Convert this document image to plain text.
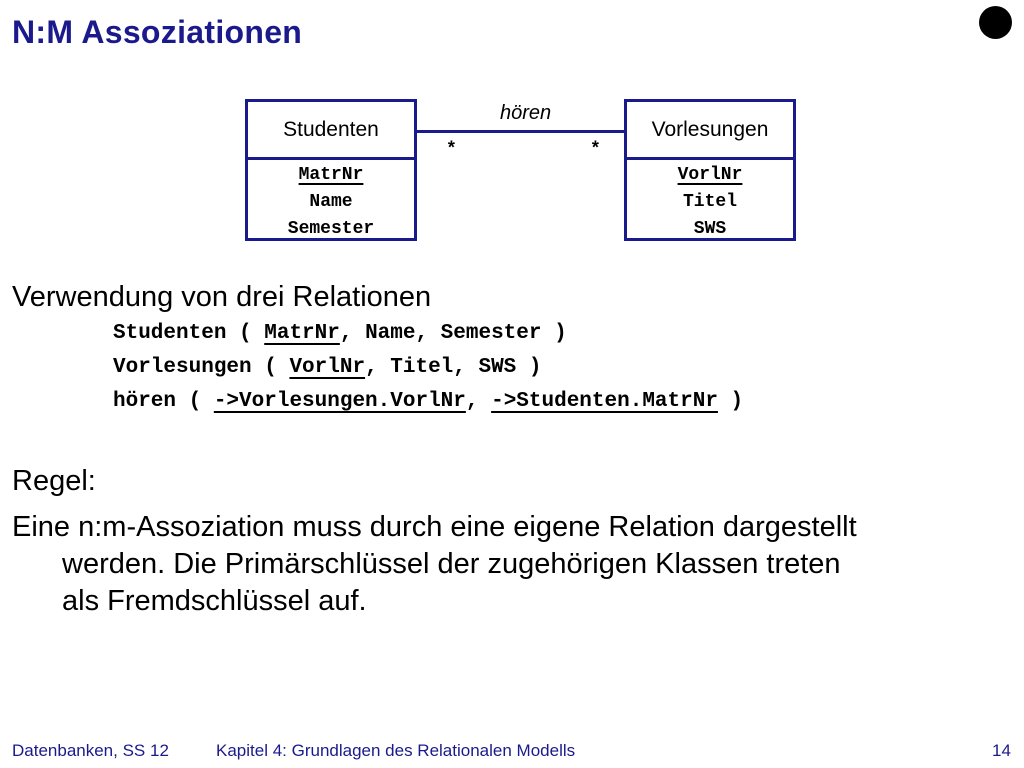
N:M Assoziationen
Studenten
MatrNr
Name
Semester
hören
*	*
Vorlesungen
VorlNr
Titel
SWS
Verwendung von drei Relationen
Studenten ( MatrNr, Name, Semester )
Vorlesungen ( VorlNr, Titel, SWS )
hören ( ->Vorlesungen.VorlNr, ->Studenten.MatrNr )
Regel:
Eine n:m-Assoziation muss durch eine eigene Relation dargestellt
werden. Die Primärschlüssel der zugehörigen Klassen treten
als Fremdschlüssel auf.
Datenbanken, SS 12	Kapitel 4: Grundlagen des Relationalen Modells	14
